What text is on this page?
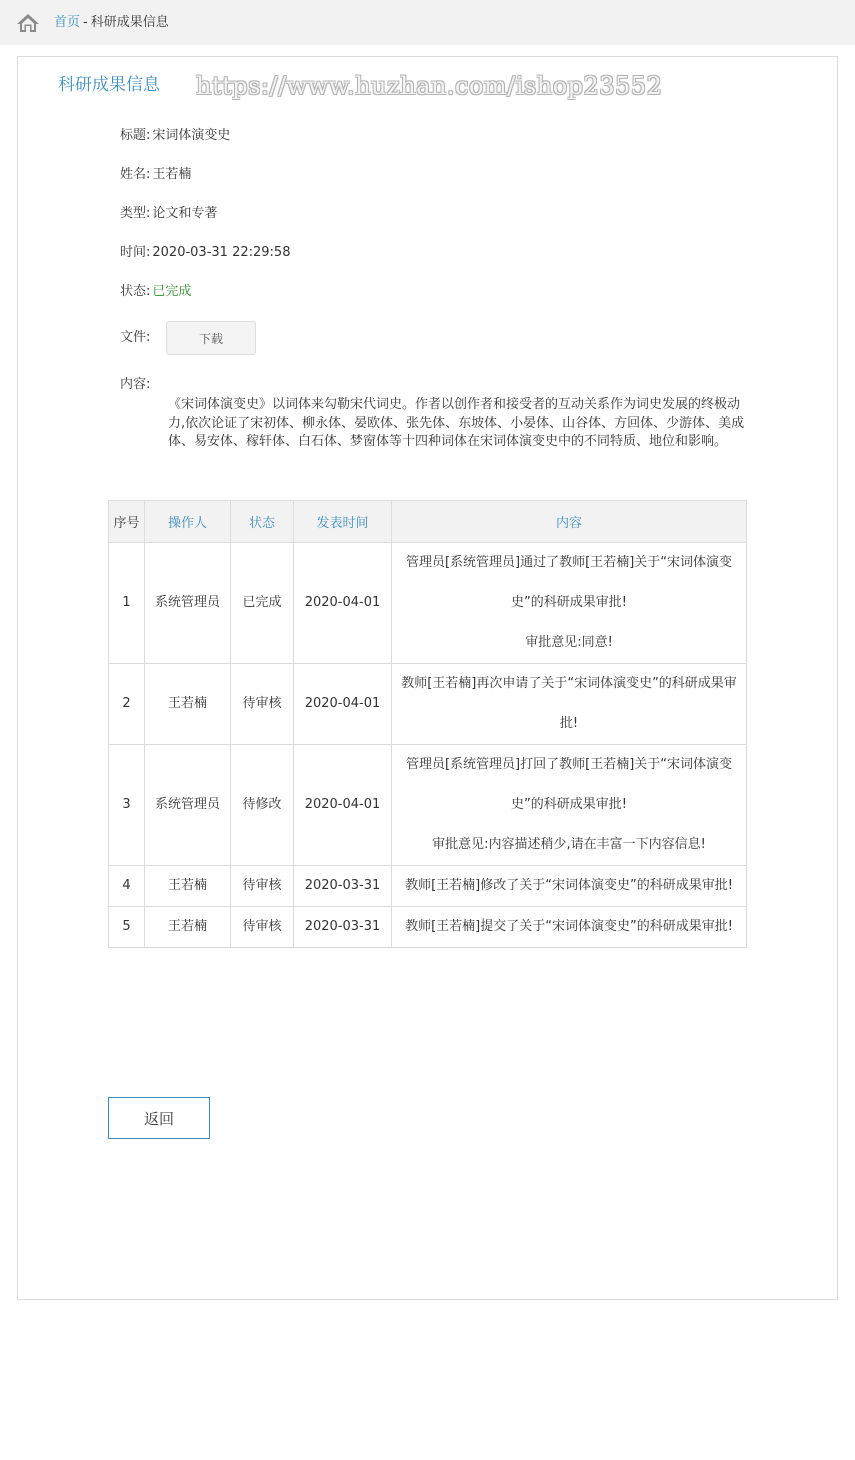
首页 - 科研成果信息
科研成果信息 https://www.huzhan.com/ishop23552
标题: 宋词体演变史
姓名: 王若楠
类型: 论文和专著
时间: 2020-03-31 22:29:58
状态: 已完成
文件:	下载
内容:
《宋词体演变史》以词体来勾勒宋代词史。作者以创作者和接受者的互动关系作为词史发展的终极动力,依次论证了宋初体、柳永体、晏欧体、张先体、东坡体、小晏体、山谷体、方回体、少游体、美成体、易安体、稼轩体、白石体、梦窗体等十四种词体在宋词体演变史中的不同特质、地位和影响。
序号	操作人	状态	发表时间	内容
1	系统管理员	已完成	2020-04-01	管理员[系统管理员]通过了教师[王若楠]关于“宋词体演变史”的科研成果审批!
审批意见:同意!

2	王若楠	待审核	2020-04-01	教师[王若楠]再次申请了关于“宋词体演变史”的科研成果审批!

3	系统管理员	待修改	2020-04-01	管理员[系统管理员]打回了教师[王若楠]关于“宋词体演变史”的科研成果审批!
审批意见:内容描述稍少,请在丰富一下内容信息!

4	王若楠	待审核	2020-03-31	教师[王若楠]修改了关于“宋词体演变史”的科研成果审批!

5	王若楠	待审核	2020-03-31	教师[王若楠]提交了关于“宋词体演变史”的科研成果审批!
返回
